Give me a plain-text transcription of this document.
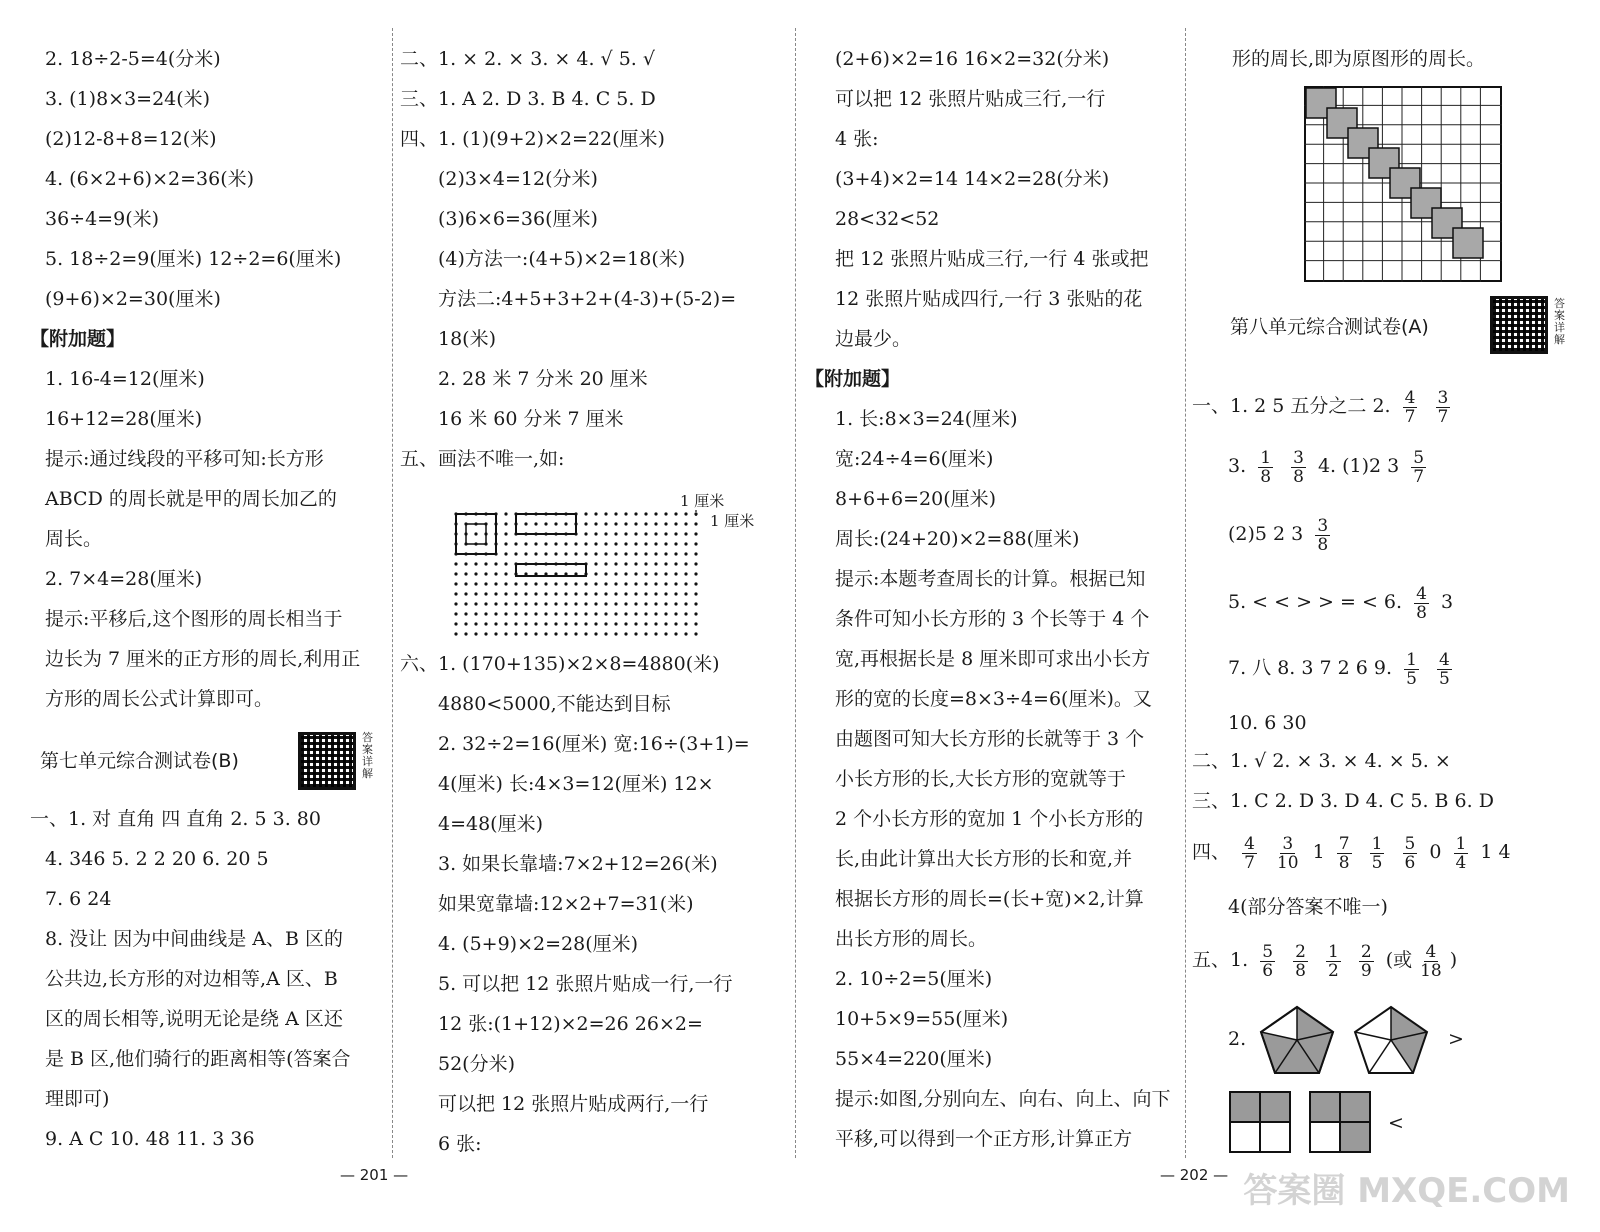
2. 18÷2-5=4(分米)
3. (1)8×3=24(米)
(2)12-8+8=12(米)
4. (6×2+6)×2=36(米)
36÷4=9(米)
5. 18÷2=9(厘米) 12÷2=6(厘米)
(9+6)×2=30(厘米)
【附加题】
1. 16-4=12(厘米)
16+12=28(厘米)
提示:通过线段的平移可知:长方形
ABCD 的周长就是甲的周长加乙的
周长。
2. 7×4=28(厘米)
提示:平移后,这个图形的周长相当于
边长为 7 厘米的正方形的周长,利用正
方形的周长公式计算即可。
第七单元综合测试卷(B)
答案详解
一、1. 对 直角 四 直角 2. 5 3. 80
4. 346 5. 2 2 20 6. 20 5
7. 6 24
8. 没让 因为中间曲线是 A、B 区的
公共边,长方形的对边相等,A 区、B
区的周长相等,说明无论是绕 A 区还
是 B 区,他们骑行的距离相等(答案合
理即可)
9. A C 10. 48 11. 3 36
二、1. × 2. × 3. × 4. √ 5. √
三、1. A 2. D 3. B 4. C 5. D
四、1. (1)(9+2)×2=22(厘米)
(2)3×4=12(分米)
(3)6×6=36(厘米)
(4)方法一:(4+5)×2=18(米)
方法二:4+5+3+2+(4-3)+(5-2)=
18(米)
2. 28 米 7 分米 20 厘米
16 米 60 分米 7 厘米
五、画法不唯一,如:
1 厘米
1 厘米
六、1. (170+135)×2×8=4880(米)
4880<5000,不能达到目标
2. 32÷2=16(厘米) 宽:16÷(3+1)=
4(厘米) 长:4×3=12(厘米) 12×
4=48(厘米)
3. 如果长靠墙:7×2+12=26(米)
如果宽靠墙:12×2+7=31(米)
4. (5+9)×2=28(厘米)
5. 可以把 12 张照片贴成一行,一行
12 张:(1+12)×2=26 26×2=
52(分米)
可以把 12 张照片贴成两行,一行
6 张:
— 201 —
(2+6)×2=16 16×2=32(分米)
可以把 12 张照片贴成三行,一行
4 张:
(3+4)×2=14 14×2=28(分米)
28<32<52
把 12 张照片贴成三行,一行 4 张或把
12 张照片贴成四行,一行 3 张贴的花
边最少。
【附加题】
1. 长:8×3=24(厘米)
宽:24÷4=6(厘米)
8+6+6=20(厘米)
周长:(24+20)×2=88(厘米)
提示:本题考查周长的计算。根据已知
条件可知小长方形的 3 个长等于 4 个
宽,再根据长是 8 厘米即可求出小长方
形的宽的长度=8×3÷4=6(厘米)。又
由题图可知大长方形的长就等于 3 个
小长方形的长,大长方形的宽就等于
2 个小长方形的宽加 1 个小长方形的
长,由此计算出大长方形的长和宽,并
根据长方形的周长=(长+宽)×2,计算
出长方形的周长。
2. 10÷2=5(厘米)
10+5×9=55(厘米)
55×4=220(厘米)
提示:如图,分别向左、向右、向上、向下
平移,可以得到一个正方形,计算正方
形的周长,即为原图形的周长。
第八单元综合测试卷(A)
答案详解
一、1. 2 5 五分之二 2. $\frac{4}{7}$
$\frac{3}{7}$
3. $\frac{1}{8}$
$\frac{3}{8} 4$. (1)2 $3 \frac{5}{7}$
(2)5 2 $3 \frac{3}{8}$
5. < < > > = < 6. $\frac{4}{8} 3$
7. 八 8. 3 7 2 6 9. $\frac{1}{5}$
$\frac{4}{5}$
10. 6 30
二、1. √ 2. × 3. × 4. × 5. ×
三、1. C 2. D 3. D 4. C 5. B 6. D
四、 $\frac{4}{7}$
$\frac{3}{10} 1 \frac{7}{8}$
$\frac{1}{5}$
$\frac{5}{6} 0 \frac{1}{4} 1$ 4
4(部分答案不唯一)
五、1. $\frac{5}{6}$
$\frac{2}{8}$
$\frac{1}{2}$
$\frac{2}{9}$ (或 $\frac{4}{18}$ )
2.	>
<
— 202 — 答案圈 MXQE.COM
